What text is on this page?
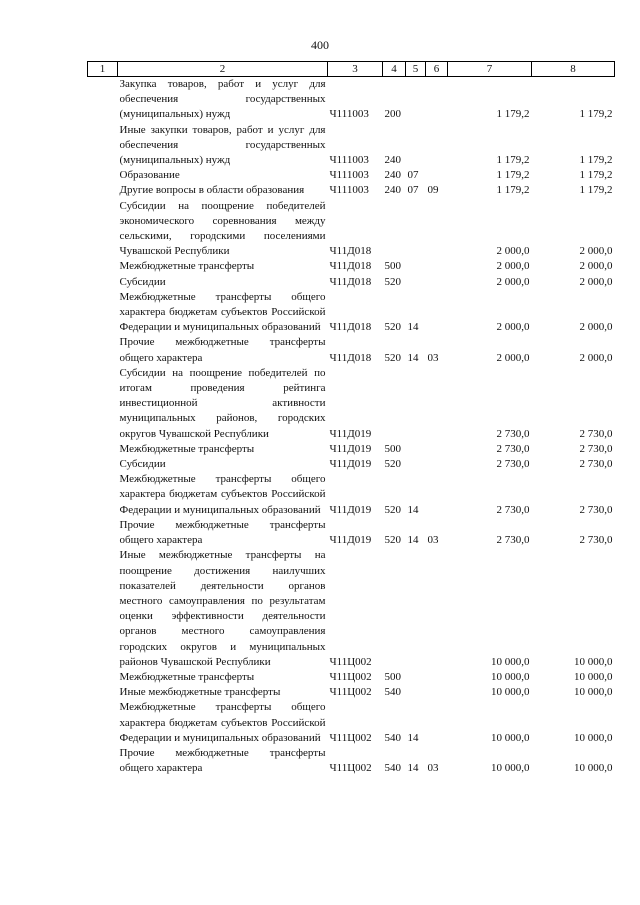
400
1	2	3	4	5	6	7	8
	Закупка товаров, работ и услуг для обеспечения государственных (муниципальных) нужд	Ч111003	200			1 179,2	1 179,2
	Иные закупки товаров, работ и услуг для обеспечения государственных (муниципальных) нужд	Ч111003	240			1 179,2	1 179,2
	Образование	Ч111003	240	07		1 179,2	1 179,2
	Другие вопросы в области образования	Ч111003	240	07	09	1 179,2	1 179,2
	Субсидии на поощрение победителей экономического соревнования между сельскими, городскими поселениями Чувашской Республики	Ч11Д018				2 000,0	2 000,0
	Межбюджетные трансферты	Ч11Д018	500			2 000,0	2 000,0
	Субсидии	Ч11Д018	520			2 000,0	2 000,0
	Межбюджетные трансферты общего характера бюджетам субъектов Российской Федерации и муниципальных образований	Ч11Д018	520	14		2 000,0	2 000,0
	Прочие межбюджетные трансферты общего характера	Ч11Д018	520	14	03	2 000,0	2 000,0
	Субсидии на поощрение победителей по итогам проведения рейтинга инвестиционной активности муниципальных районов, городских округов Чувашской Республики	Ч11Д019				2 730,0	2 730,0
	Межбюджетные трансферты	Ч11Д019	500			2 730,0	2 730,0
	Субсидии	Ч11Д019	520			2 730,0	2 730,0
	Межбюджетные трансферты общего характера бюджетам субъектов Российской Федерации и муниципальных образований	Ч11Д019	520	14		2 730,0	2 730,0
	Прочие межбюджетные трансферты общего характера	Ч11Д019	520	14	03	2 730,0	2 730,0
	Иные межбюджетные трансферты на поощрение достижения наилучших показателей деятельности органов местного самоуправления по результатам оценки эффективности деятельности органов местного самоуправления городских округов и муниципальных районов Чувашской Республики	Ч11Ц002				10 000,0	10 000,0
	Межбюджетные трансферты	Ч11Ц002	500			10 000,0	10 000,0
	Иные межбюджетные трансферты	Ч11Ц002	540			10 000,0	10 000,0
	Межбюджетные трансферты общего характера бюджетам субъектов Российской Федерации и муниципальных образований	Ч11Ц002	540	14		10 000,0	10 000,0
	Прочие межбюджетные трансферты общего характера	Ч11Ц002	540	14	03	10 000,0	10 000,0
